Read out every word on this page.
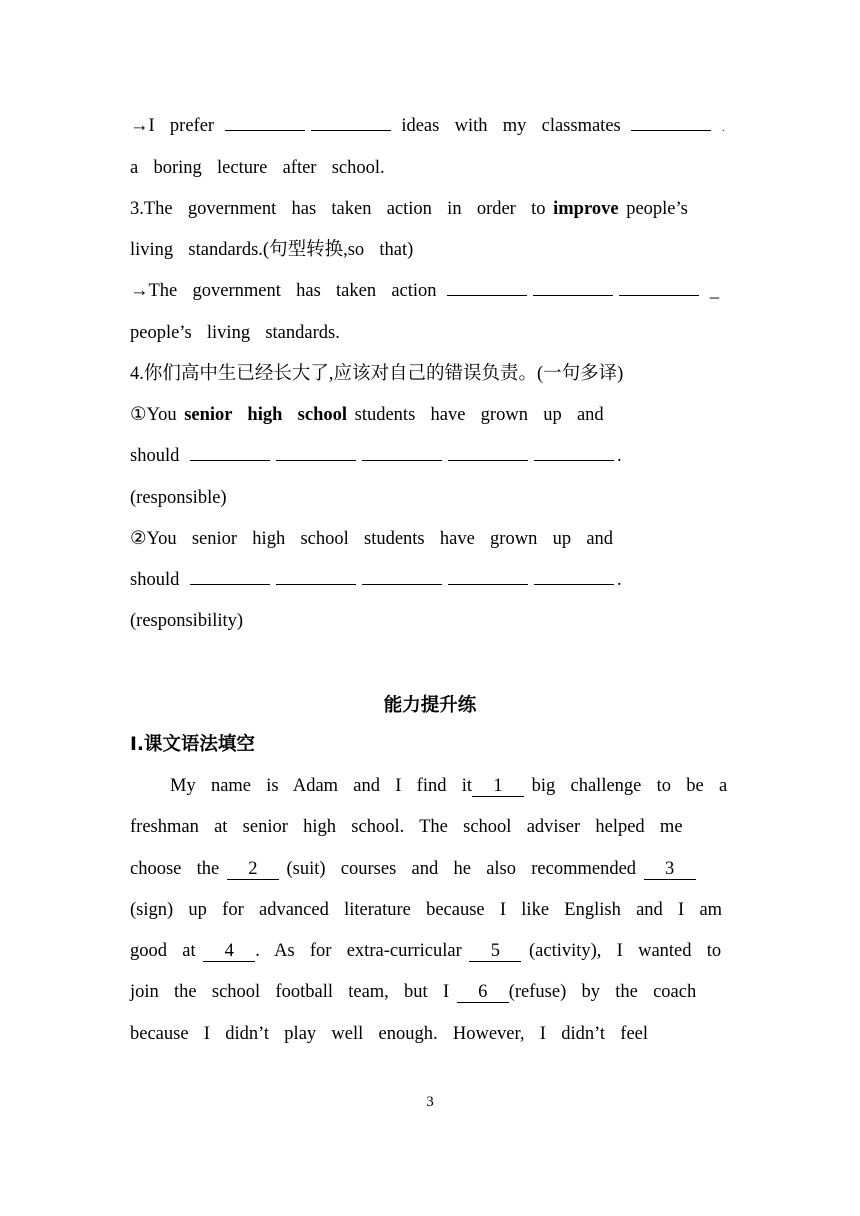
→I  prefer	ideas  with  my  classmates	.
a  boring  lecture  after  school.
3.The  government  has  taken  action  in  order  to improve people’s
living  standards.(句型转换,so  that)
→The  government  has  taken  action	_
people’s  living  standards.
4.你们高中生已经长大了,应该对自己的错误负责。(一句多译)
①You senior  high  school students  have  grown  up  and
should	.
(responsible)
②You  senior  high  school  students  have  grown  up  and
should	.
(responsibility)
能力提升练
Ⅰ.课文语法填空
My  name  is  Adam  and  I  find  it 1 big  challenge  to  be  a
freshman  at  senior  high  school.  The  school  adviser  helped  me
choose  the 2 (suit)  courses  and  he  also  recommended 3
(sign)  up  for  advanced  literature  because  I  like  English  and  I  am
good  at 4 .  As  for  extra-curricular 5 (activity),  I  wanted  to
join  the  school  football  team,  but  I 6 (refuse)  by  the  coach
because  I  didn’t  play  well  enough.  However,  I  didn’t  feel
3
